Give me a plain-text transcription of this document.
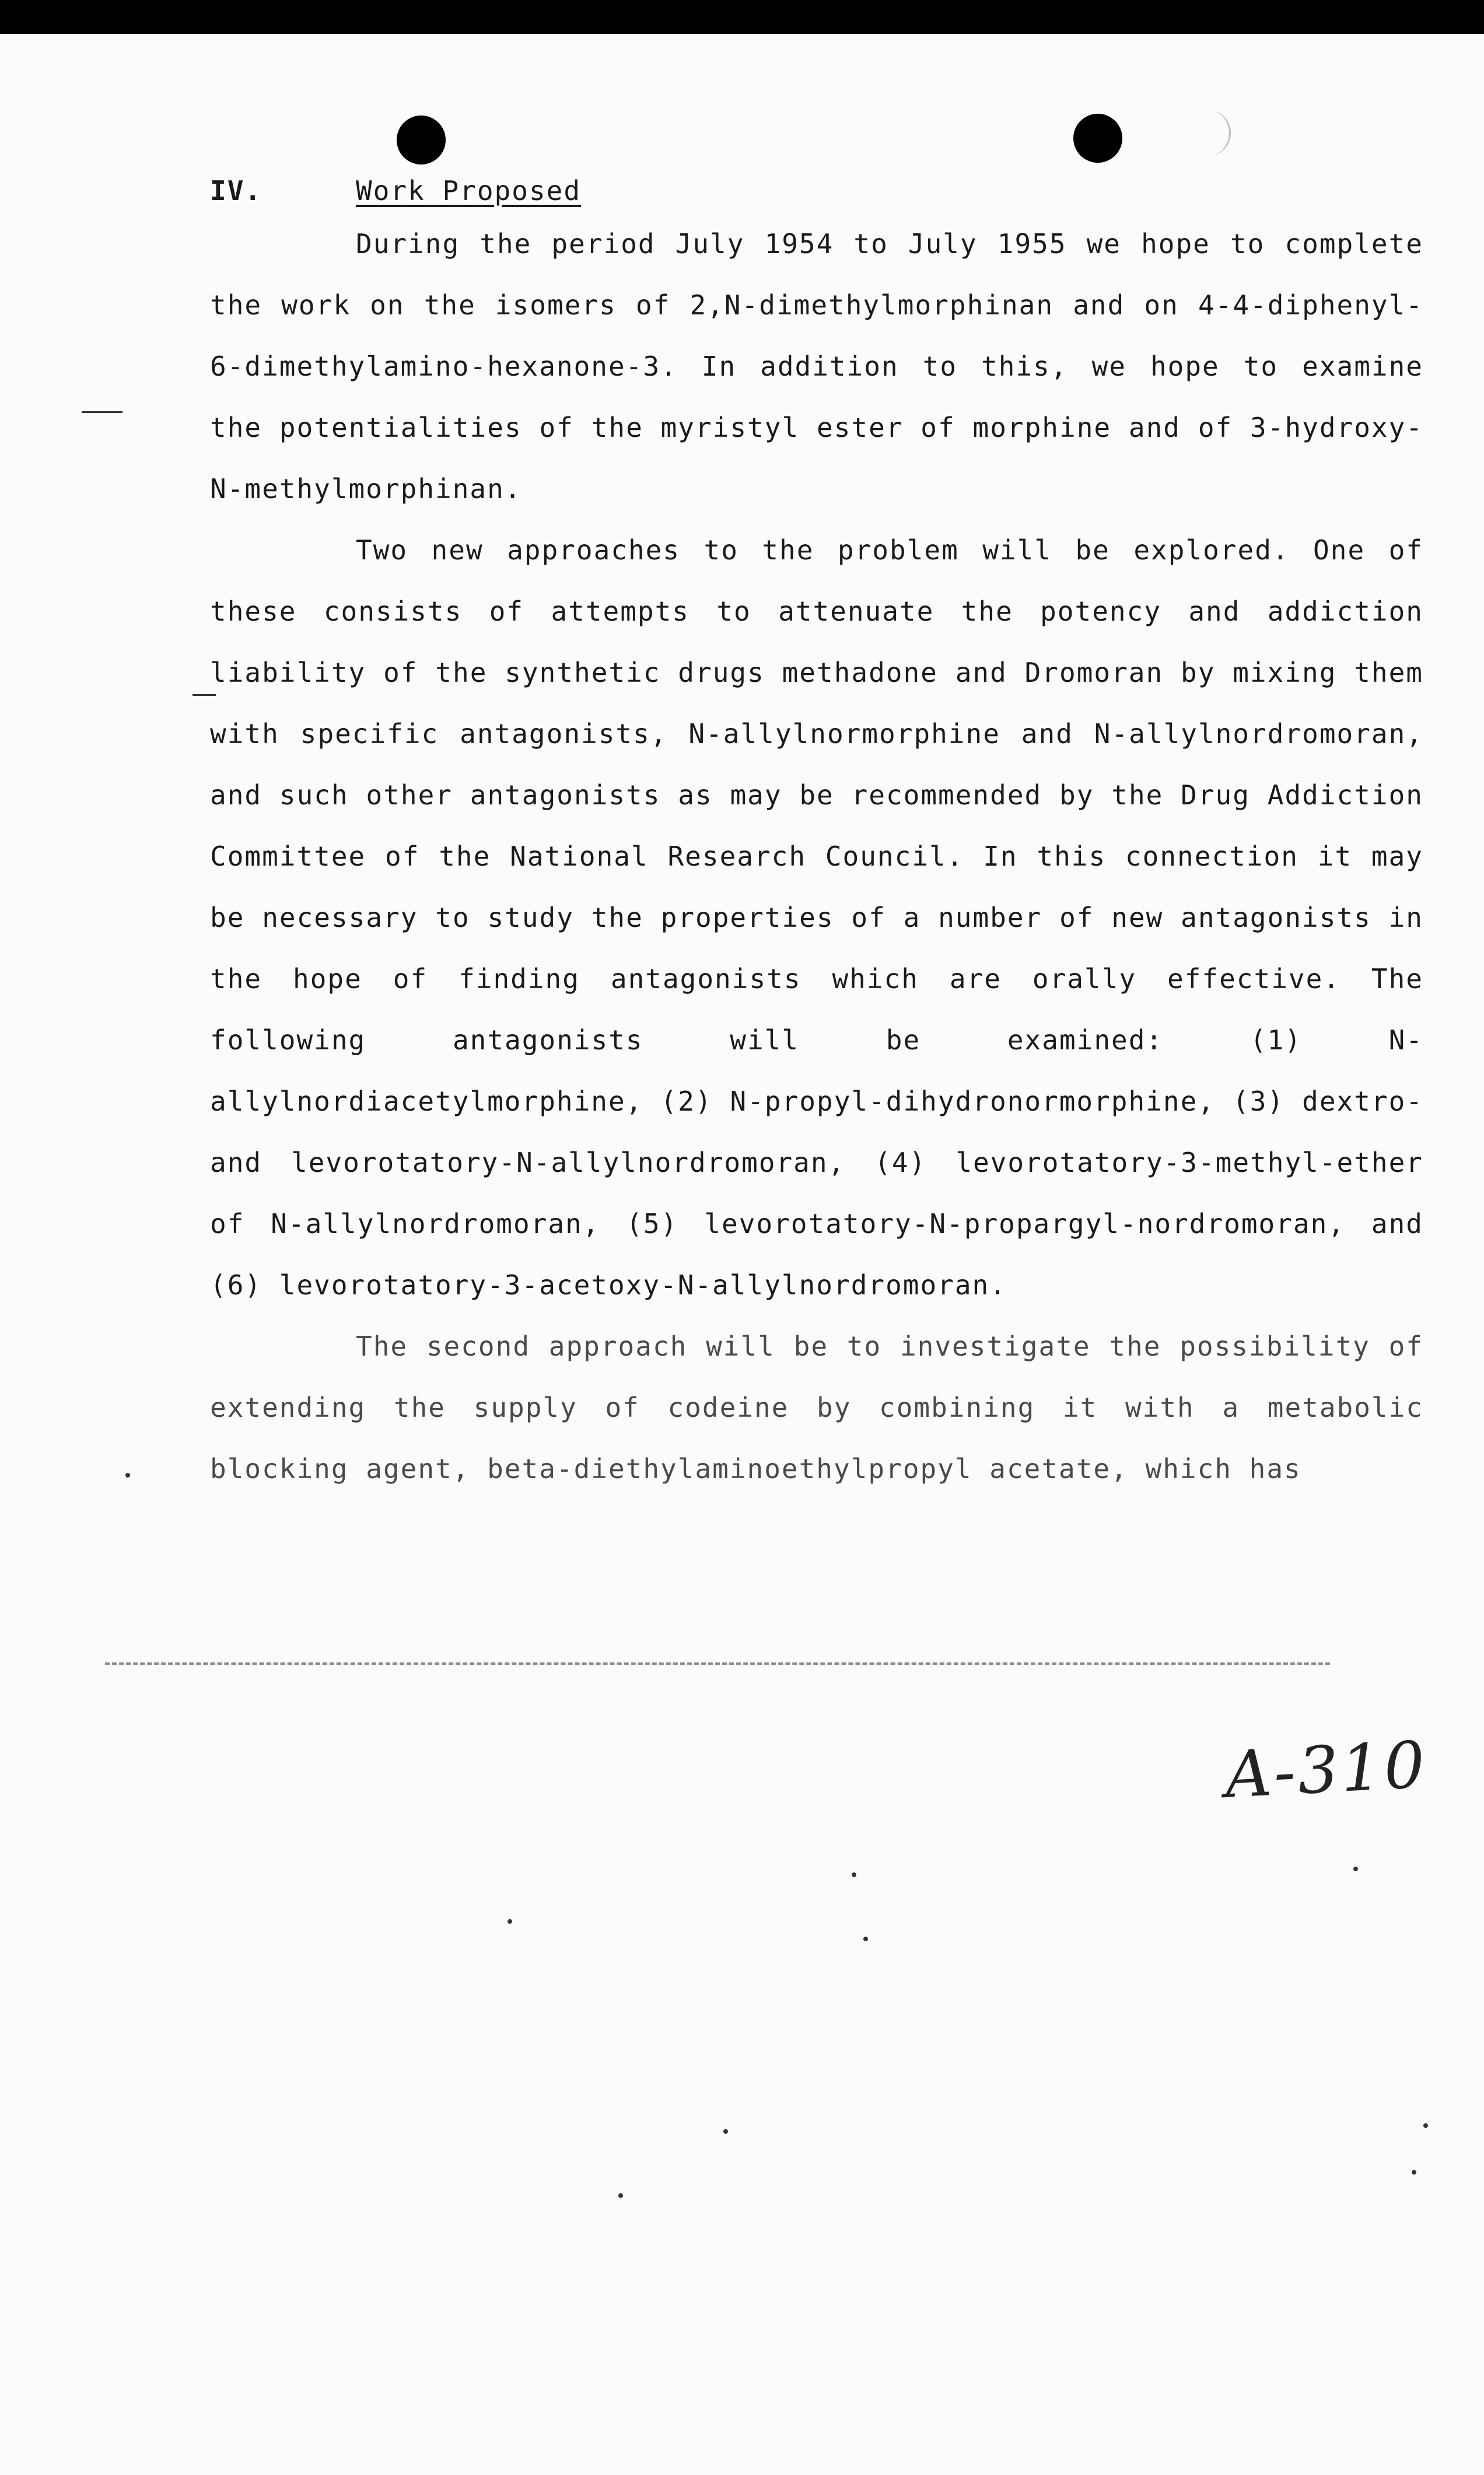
IV.	Work Proposed

During the period July 1954 to July 1955 we hope to complete the work on the isomers of 2,N-dimethylmorphinan and on 4-4-diphenyl-6-dimethylamino-hexanone-3. In addition to this, we hope to examine the potentialities of the myristyl ester of morphine and of 3-hydroxy-N-methylmorphinan.

Two new approaches to the problem will be explored. One of these consists of attempts to attenuate the potency and addiction liability of the synthetic drugs methadone and Dromoran by mixing them with specific antagonists, N-allylnormorphine and N-allylnordromoran, and such other antagonists as may be recommended by the Drug Addiction Committee of the National Research Council. In this connection it may be necessary to study the properties of a number of new antagonists in the hope of finding antagonists which are orally effective. The following antagonists will be examined: (1) N-allylnordiacetylmorphine, (2) N-propyl-dihydronormorphine, (3) dextro- and levorotatory-N-allylnordromoran, (4) levorotatory-3-methyl-ether of N-allylnordromoran, (5) levorotatory-N-propargyl-nordromoran, and (6) levorotatory-3-acetoxy-N-allylnordromoran.

The second approach will be to investigate the possibility of extending the supply of codeine by combining it with a metabolic blocking agent, beta-diethylaminoethylpropyl acetate, which has

A-310
